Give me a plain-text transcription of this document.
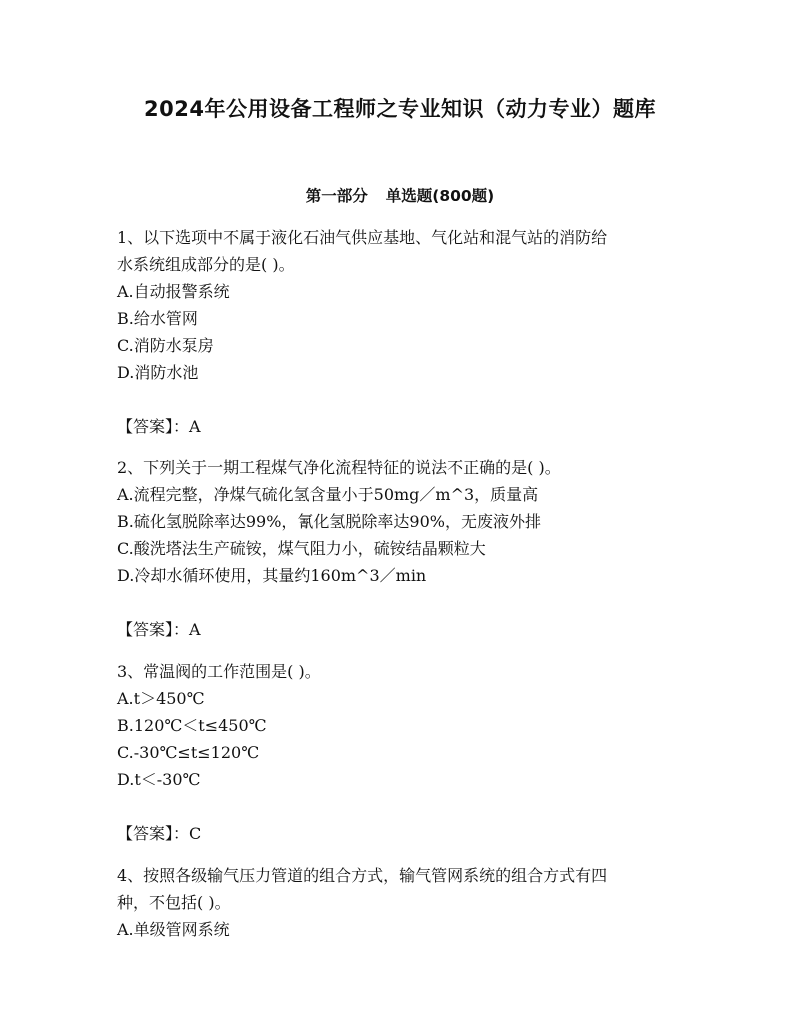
2024年公用设备工程师之专业知识（动力专业）题库
第一部分 单选题(800题)
1、以下选项中不属于液化石油气供应基地、气化站和混气站的消防给
水系统组成部分的是( )。
A.自动报警系统
B.给水管网
C.消防水泵房
D.消防水池
【答案】：A
2、下列关于一期工程煤气净化流程特征的说法不正确的是( )。
A.流程完整，净煤气硫化氢含量小于50mg／m^3，质量高
B.硫化氢脱除率达99%，氰化氢脱除率达90%，无废液外排
C.酸洗塔法生产硫铵，煤气阻力小，硫铵结晶颗粒大
D.冷却水循环使用，其量约160m^3／min
【答案】：A
3、常温阀的工作范围是( )。
A.t＞450℃
B.120℃＜t≤450℃
C.-30℃≤t≤120℃
D.t＜-30℃
【答案】：C
4、按照各级输气压力管道的组合方式，输气管网系统的组合方式有四
种，不包括( )。
A.单级管网系统
